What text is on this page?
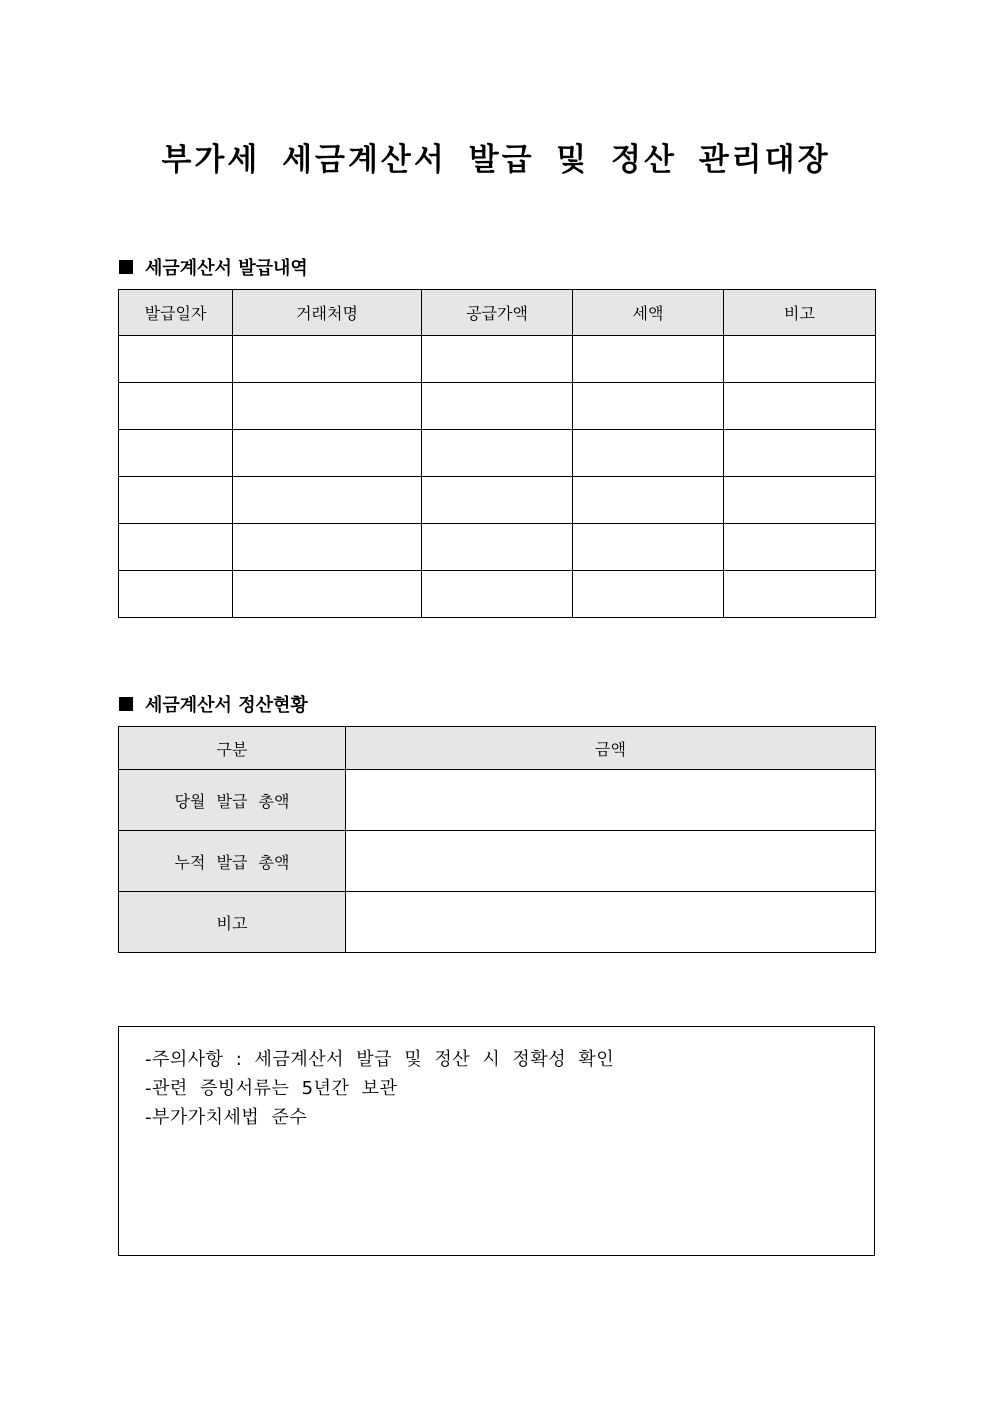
부가세 세금계산서 발급 및 정산 관리대장
세금계산서 발급내역
발급일자	거래처명	공급가액	세액	비고

세금계산서 정산현황
구분	금액
당월 발급 총액	
누적 발급 총액	
비고	
-주의사항 : 세금계산서 발급 및 정산 시 정확성 확인
-관련 증빙서류는 5년간 보관
-부가가치세법 준수
